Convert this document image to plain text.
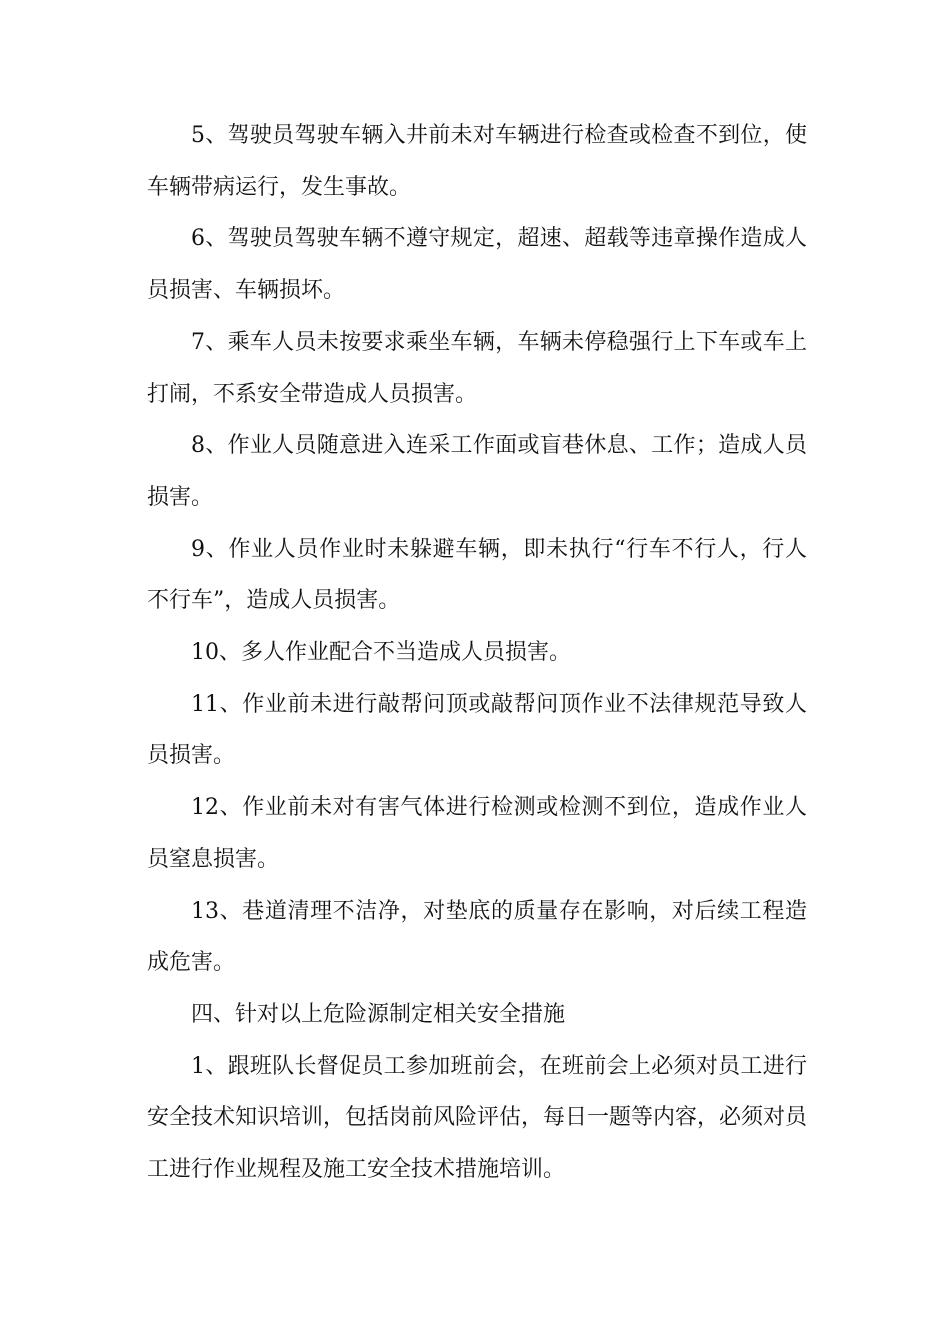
5、驾驶员驾驶车辆入井前未对车辆进行检查或检查不到位，使车辆带病运行，发生事故。

6、驾驶员驾驶车辆不遵守规定，超速、超载等违章操作造成人员损害、车辆损坏。

7、乘车人员未按要求乘坐车辆，车辆未停稳强行上下车或车上打闹，不系安全带造成人员损害。

8、作业人员随意进入连采工作面或盲巷休息、工作；造成人员损害。

9、作业人员作业时未躲避车辆，即未执行“行车不行人，行人不行车”，造成人员损害。

10、多人作业配合不当造成人员损害。

11、作业前未进行敲帮问顶或敲帮问顶作业不法律规范导致人员损害。

12、作业前未对有害气体进行检测或检测不到位，造成作业人员窒息损害。

13、巷道清理不洁净，对垫底的质量存在影响，对后续工程造成危害。

四、针对以上危险源制定相关安全措施

1、跟班队长督促员工参加班前会，在班前会上必须对员工进行安全技术知识培训，包括岗前风险评估，每日一题等内容，必须对员工进行作业规程及施工安全技术措施培训。
